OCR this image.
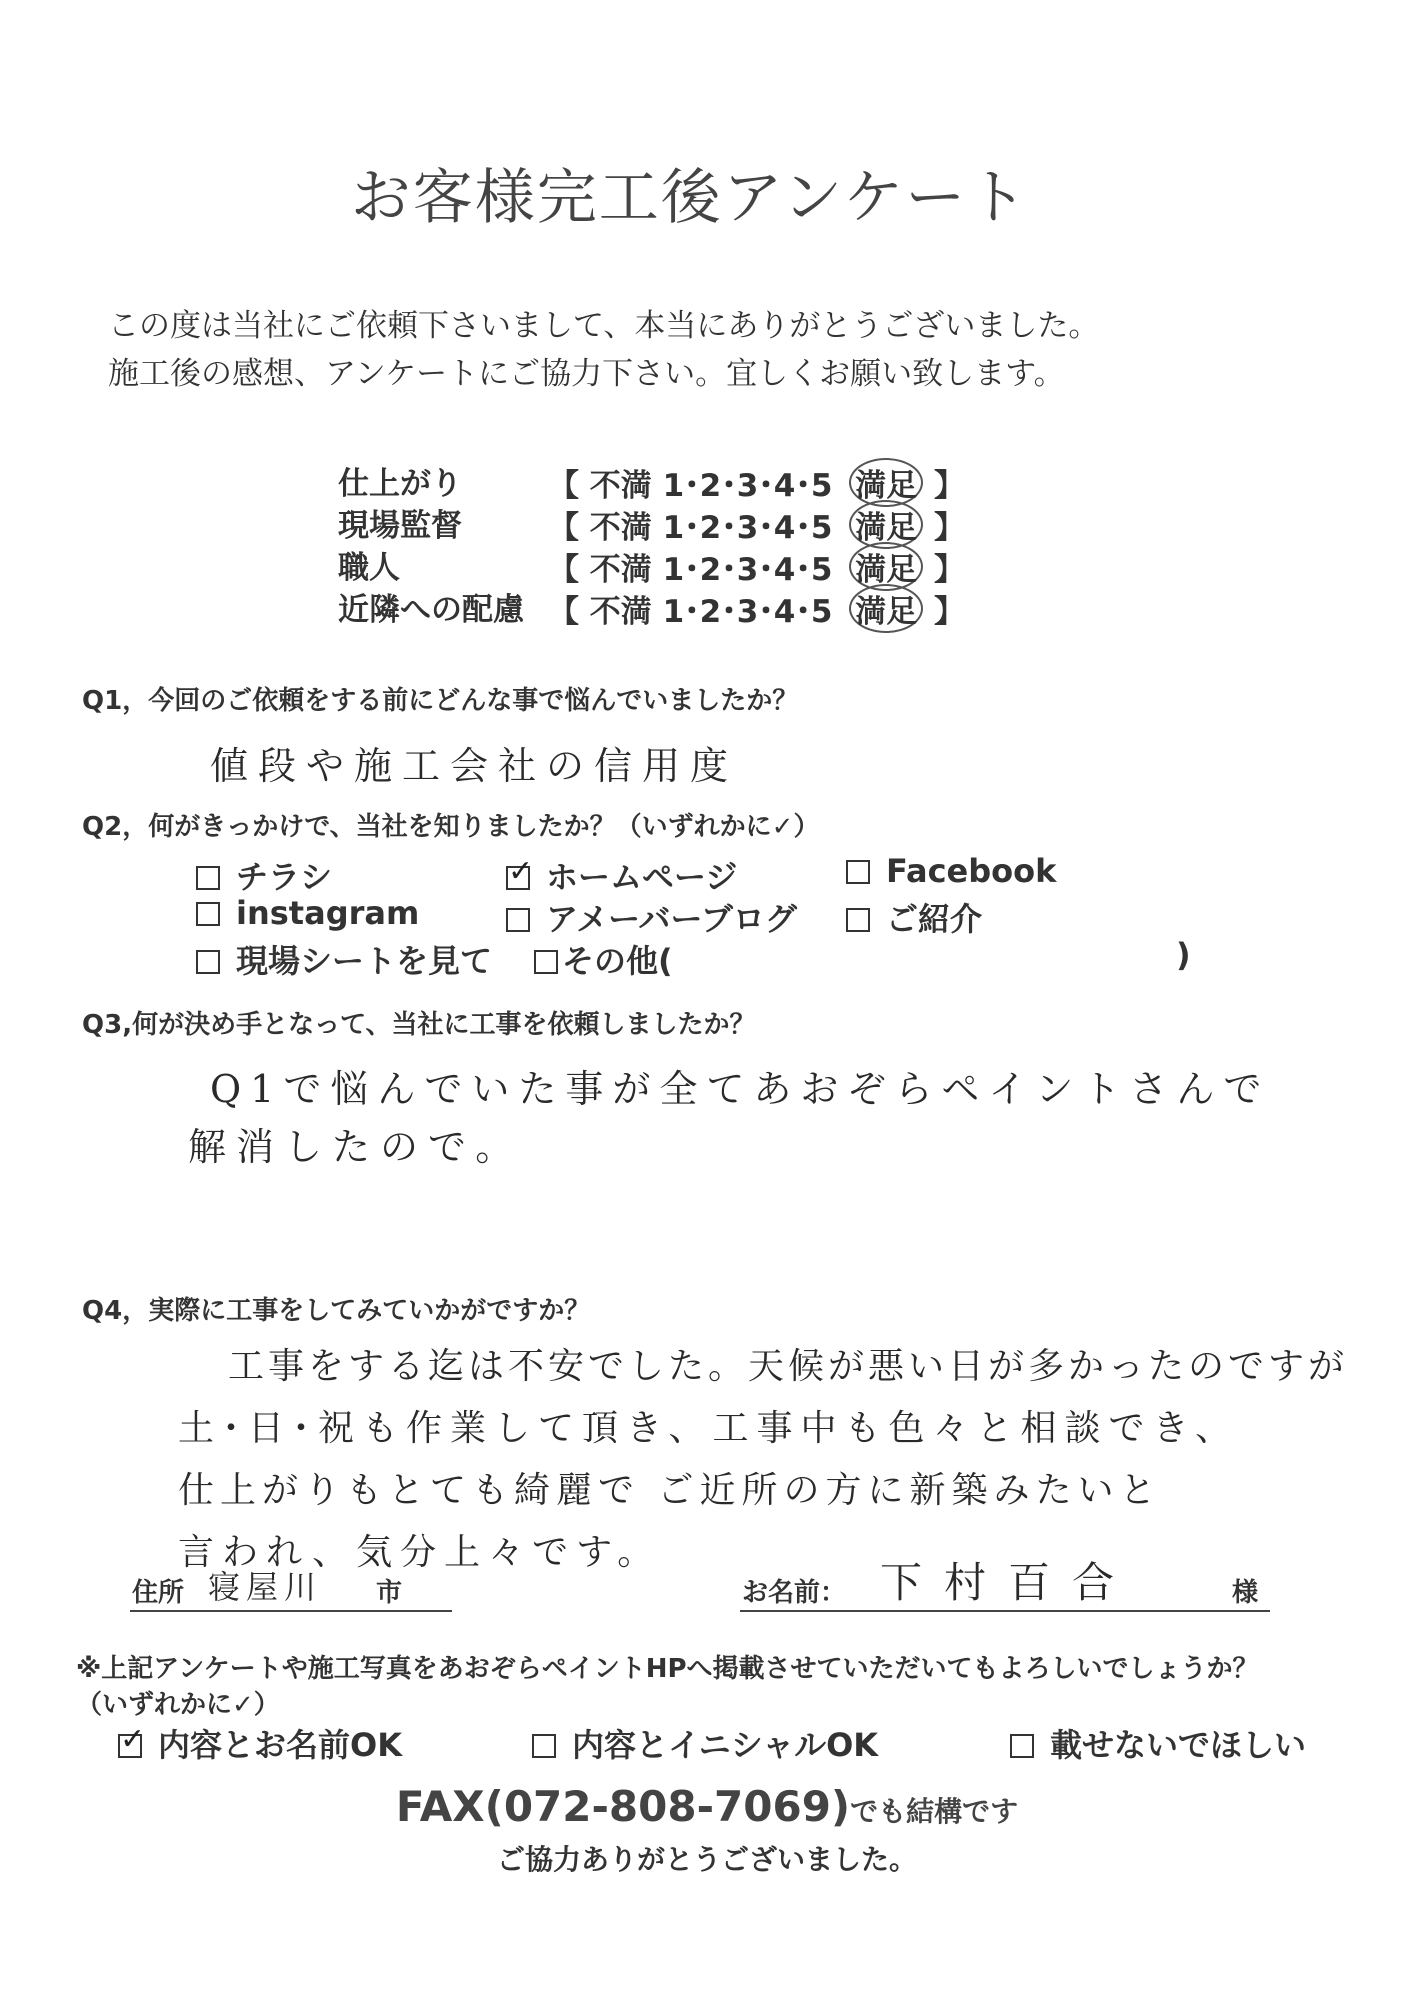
お客様完工後アンケート
この度は当社にご依頼下さいまして、本当にありがとうございました。
施工後の感想、アンケートにご協力下さい。宜しくお願い致します。
仕上がり	【 不満 1･2･3･4･5 満足 】
現場監督	【 不満 1･2･3･4･5 満足 】
職人	【 不満 1･2･3･4･5 満足 】
近隣への配慮 【 不満 1･2･3･4･5 満足 】
Q1，今回のご依頼をする前にどんな事で悩んでいましたか？
値段や施工会社の信用度
Q2，何がきっかけで、当社を知りましたか？（いずれかに✓）
チラシ
✓	ホームページ	Facebook
instagram	アメーバーブログ	ご紹介
現場シートを見て	その他(	)
Q3,何が決め手となって、当社に工事を依頼しましたか？
Q1で悩んでいた事が全てあおぞらペイントさんで
解消したので。
Q4，実際に工事をしてみていかがですか？
工事をする迄は不安でした。天候が悪い日が多かったのですが
土･日･祝も作業して頂き、工事中も色々と相談でき、
仕上がりもとても綺麗で ご近所の方に新築みたいと
言われ、気分上々です。
住所 寝屋川 市	お名前： 下村百合	様
※上記アンケートや施工写真をあおぞらペイントHPへ掲載させていただいてもよろしいでしょうか？
（いずれかに✓）
✓内容とお名前OK	内容とイニシャルOK	載せないでほしい
FAX(072-808-7069)でも結構です
ご協力ありがとうございました。
